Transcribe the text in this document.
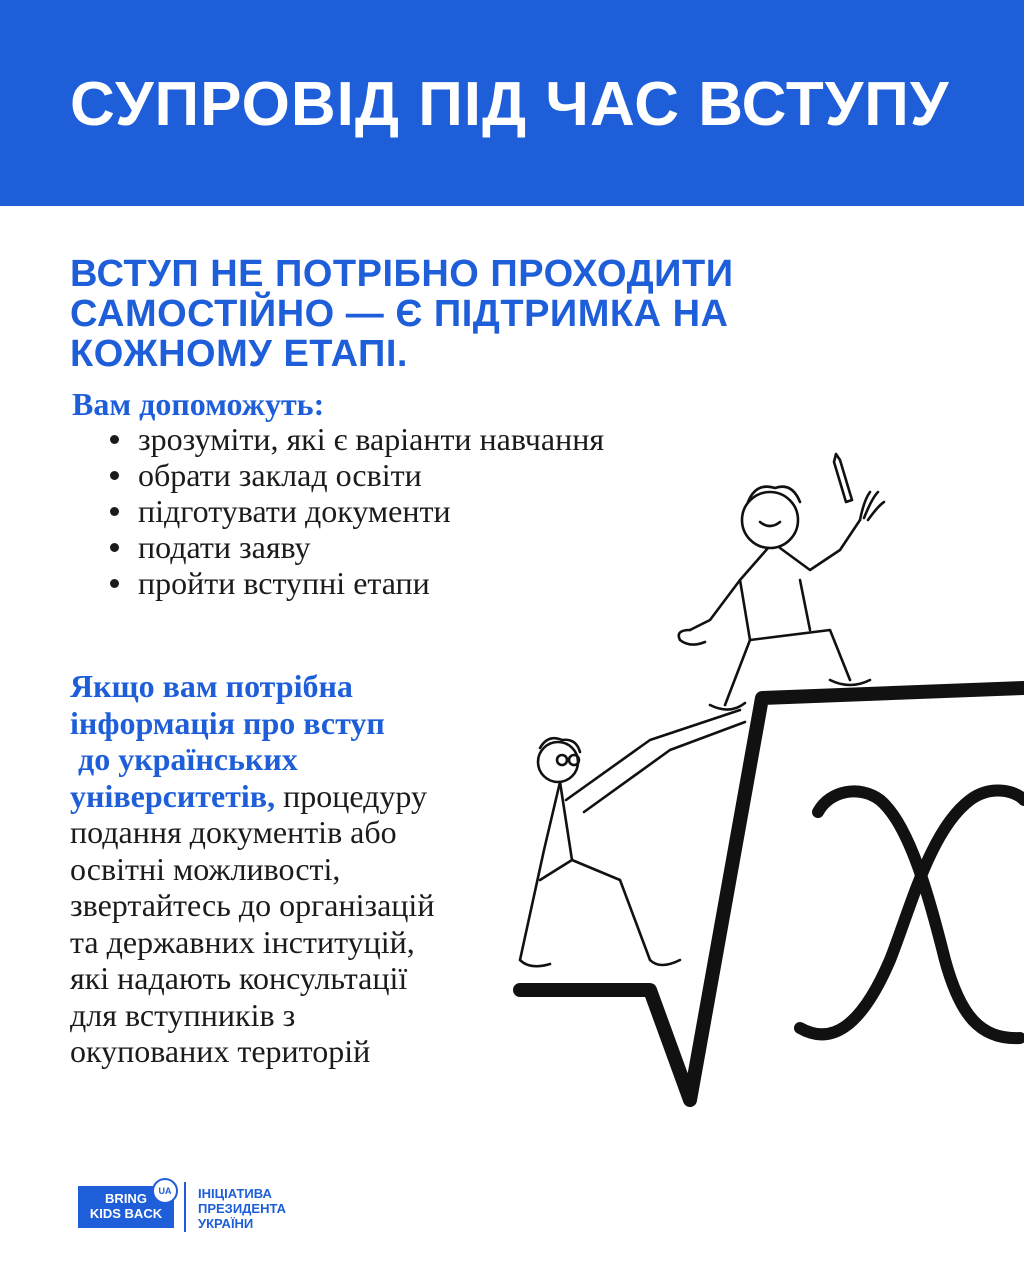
СУПРОВІД ПІД ЧАС ВСТУПУ
ВСТУП НЕ ПОТРІБНО ПРОХОДИТИ
САМОСТІЙНО — Є ПІДТРИМКА НА
КОЖНОМУ ЕТАПІ.
Вам допоможуть:
зрозуміти, які є варіанти навчання
обрати заклад освіти
підготувати документи
подати заяву
пройти вступні етапи
Якщо вам потрібна
інформація про вступ
до українських
університетів, процедуру
подання документів або
освітні можливості,
звертайтесь до організацій
та державних інституцій,
які надають консультації
для вступників з
окупованих територій
BRING
KIDS BACK
UA	ІНІЦІАТИВА
ПРЕЗИДЕНТА
УКРАЇНИ
